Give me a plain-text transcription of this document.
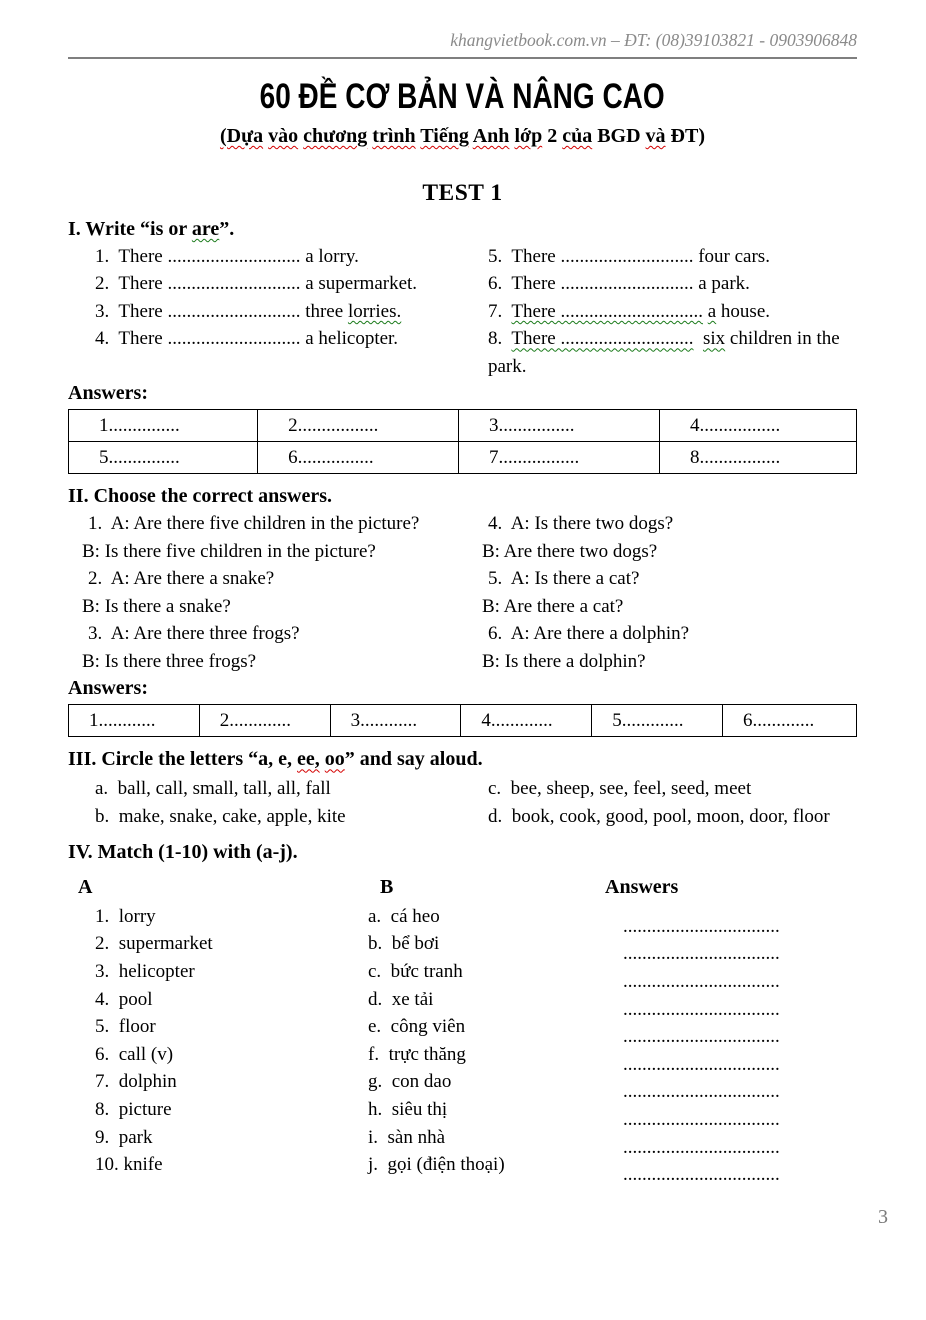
khangvietbook.com.vn – ĐT: (08)39103821 - 0903906848
60 ĐỀ CƠ BẢN VÀ NÂNG CAO
(Dựa vào chương trình Tiếng Anh lớp 2 của BGD và ĐT)
TEST 1
I. Write “is or are”.
1.  There ............................ a lorry.
2.  There ............................ a supermarket.
3.  There ............................ three lorries.
4.  There ............................ a helicopter.
5.  There ............................ four cars.
6.  There ............................ a park.
7.  There .............................. a house.
8.  There ............................ six children in the park.
Answers:
1...............	2.................	3................	4.................
5...............	6................	7.................	8.................
II. Choose the correct answers.
1.  A: Are there five children in the picture?
B: Is there five children in the picture?
2.  A: Are there a snake?
B: Is there a snake?
3.  A: Are there three frogs?
B: Is there three frogs?
4.  A: Is there two dogs?
B: Are there two dogs?
5.  A: Is there a cat?
B: Are there a cat?
6.  A: Are there a dolphin?
B: Is there a dolphin?
Answers:
1............	2.............	3............	4.............	5.............	6.............
III. Circle the letters “a, e, ee, oo” and say aloud.
a.  ball, call, small, tall, all, fall
b.  make, snake, cake, apple, kite
c.  bee, sheep, see, feel, seed, meet
d.  book, cook, good, pool, moon, door, floor
IV. Match (1-10) with (a-j).
A	B	Answers
1.  lorry	a.  cá heo	.................................
2.  supermarket	b.  bể bơi	.................................
3.  helicopter	c.  bức tranh	.................................
4.  pool	d.  xe tải	.................................
5.  floor	e.  công viên	.................................
6.  call (v)	f.  trực thăng	.................................
7.  dolphin	g.  con dao	.................................
8.  picture	h.  siêu thị	.................................
9.  park	i.  sàn nhà	.................................
10. knife	j.  gọi (điện thoại)	.................................
3
